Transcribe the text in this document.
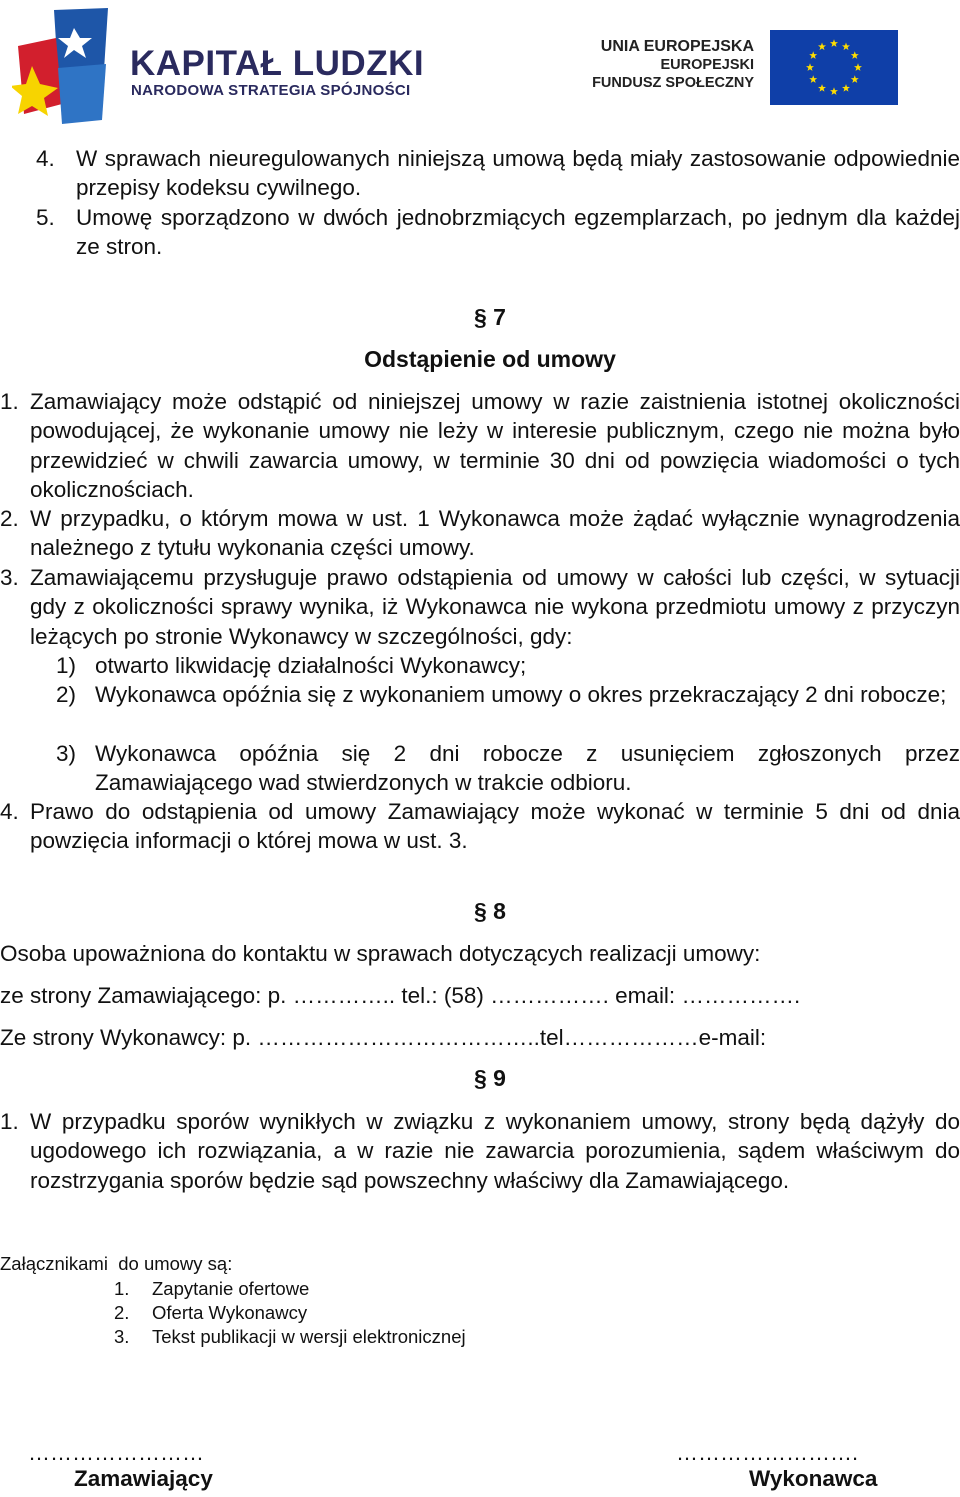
KAPITAŁ LUDZKI
NARODOWA STRATEGIA SPÓJNOŚCI
UNIA EUROPEJSKA
EUROPEJSKI
FUNDUSZ SPOŁECZNY
4. W sprawach nieuregulowanych niniejszą umową będą miały zastosowanie odpowiednie przepisy kodeksu cywilnego.
5. Umowę sporządzono w dwóch jednobrzmiących egzemplarzach, po jednym dla każdej ze stron.
§ 7
Odstąpienie od umowy
1. Zamawiający może odstąpić od niniejszej umowy w razie zaistnienia istotnej okoliczności powodującej, że wykonanie umowy nie leży w interesie publicznym, czego nie można było przewidzieć w chwili zawarcia umowy, w terminie 30 dni od powzięcia wiadomości o tych okolicznościach.
2. W przypadku, o którym mowa w ust. 1 Wykonawca może żądać wyłącznie wynagrodzenia należnego z tytułu wykonania części umowy.
3. Zamawiającemu przysługuje prawo odstąpienia od umowy w całości lub części, w sytuacji gdy z okoliczności sprawy wynika, iż Wykonawca nie wykona przedmiotu umowy z przyczyn leżących po stronie Wykonawcy w szczególności, gdy:
1) otwarto likwidację działalności Wykonawcy;
2) Wykonawca opóźnia się z wykonaniem umowy o okres przekraczający 2 dni robocze;
3) Wykonawca opóźnia się 2 dni robocze z usunięciem zgłoszonych przez Zamawiającego wad stwierdzonych w trakcie odbioru.
4. Prawo do odstąpienia od umowy Zamawiający może wykonać w terminie 5 dni od dnia powzięcia informacji o której mowa w ust. 3.
§ 8
Osoba upoważniona do kontaktu w sprawach dotyczących realizacji umowy:
ze strony Zamawiającego: p. ………….. tel.: (58) ……………. email: …………….
Ze strony Wykonawcy: p. ………………………………..tel………………e-mail:
§ 9
1. W przypadku sporów wynikłych w związku z wykonaniem umowy, strony będą dążyły do ugodowego ich rozwiązania, a w razie nie zawarcia porozumienia, sądem właściwym do rozstrzygania sporów będzie sąd powszechny właściwy dla Zamawiającego.
Załącznikami  do umowy są:
1. Zapytanie ofertowe
2. Oferta Wykonawcy
3. Tekst publikacji w wersji elektronicznej
……………………
Zamawiający
…………………….
Wykonawca
